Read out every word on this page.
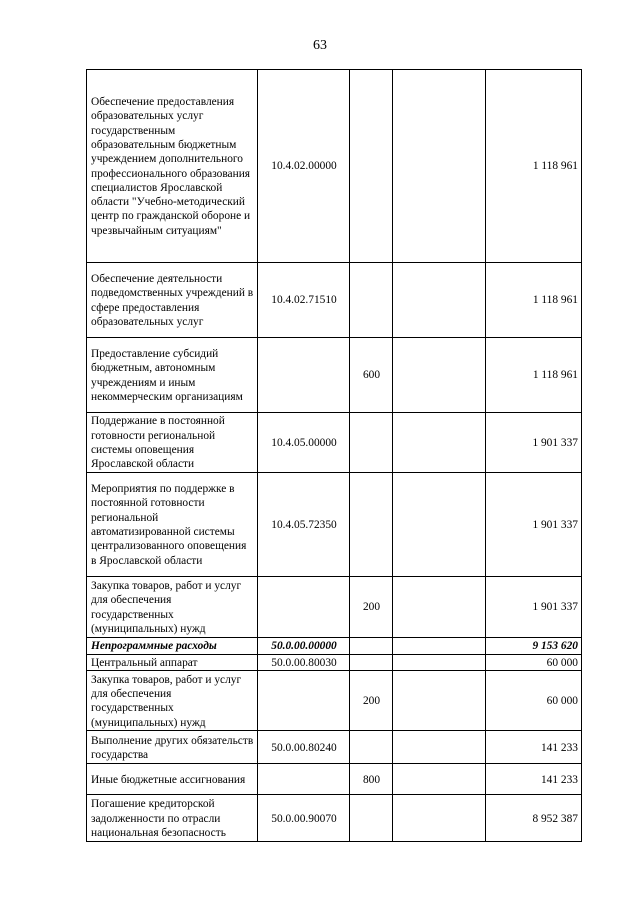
63
Обеспечение предоставления образовательных услуг государственным образовательным бюджетным учреждением дополнительного профессионального образования специалистов Ярославской области "Учебно-методический центр по гражданской обороне и чрезвычайным ситуациям"	10.4.02.00000			1 118 961
Обеспечение деятельности подведомственных учреждений в сфере предоставления образовательных услуг	10.4.02.71510			1 118 961
Предоставление субсидий бюджетным, автономным учреждениям и иным некоммерческим организациям		600		1 118 961
Поддержание в постоянной готовности региональной системы оповещения Ярославской области	10.4.05.00000			1 901 337
Мероприятия по поддержке в постоянной готовности региональной автоматизированной системы централизованного оповещения в Ярославской области	10.4.05.72350			1 901 337
Закупка товаров, работ и услуг для обеспечения государственных (муниципальных) нужд		200		1 901 337
Непрограммные расходы	50.0.00.00000			9 153 620
Центральный аппарат	50.0.00.80030			60 000
Закупка товаров, работ и услуг для обеспечения государственных (муниципальных) нужд		200		60 000
Выполнение других обязательств государства	50.0.00.80240			141 233
Иные бюджетные ассигнования		800		141 233
Погашение кредиторской задолженности по отрасли национальная безопасность	50.0.00.90070			8 952 387
